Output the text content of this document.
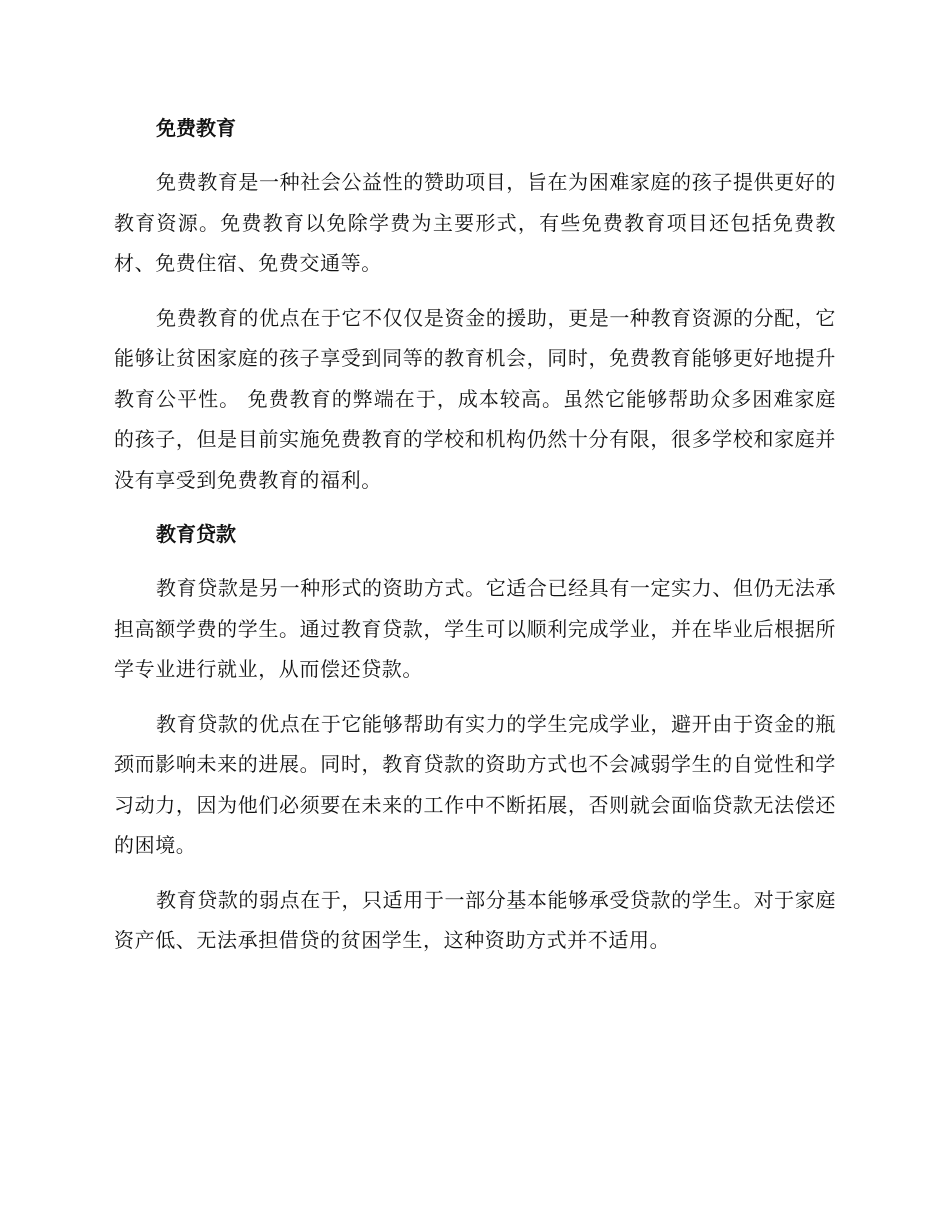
免费教育

免费教育是一种社会公益性的赞助项目，旨在为困难家庭的孩子提供更好的教育资源。免费教育以免除学费为主要形式，有些免费教育项目还包括免费教材、免费住宿、免费交通等。

免费教育的优点在于它不仅仅是资金的援助，更是一种教育资源的分配，它能够让贫困家庭的孩子享受到同等的教育机会，同时，免费教育能够更好地提升教育公平性。 免费教育的弊端在于，成本较高。虽然它能够帮助众多困难家庭的孩子，但是目前实施免费教育的学校和机构仍然十分有限，很多学校和家庭并没有享受到免费教育的福利。

教育贷款

教育贷款是另一种形式的资助方式。它适合已经具有一定实力、但仍无法承担高额学费的学生。通过教育贷款，学生可以顺利完成学业，并在毕业后根据所学专业进行就业，从而偿还贷款。

教育贷款的优点在于它能够帮助有实力的学生完成学业，避开由于资金的瓶颈而影响未来的进展。同时，教育贷款的资助方式也不会减弱学生的自觉性和学习动力，因为他们必须要在未来的工作中不断拓展，否则就会面临贷款无法偿还的困境。

教育贷款的弱点在于，只适用于一部分基本能够承受贷款的学生。对于家庭资产低、无法承担借贷的贫困学生，这种资助方式并不适用。
